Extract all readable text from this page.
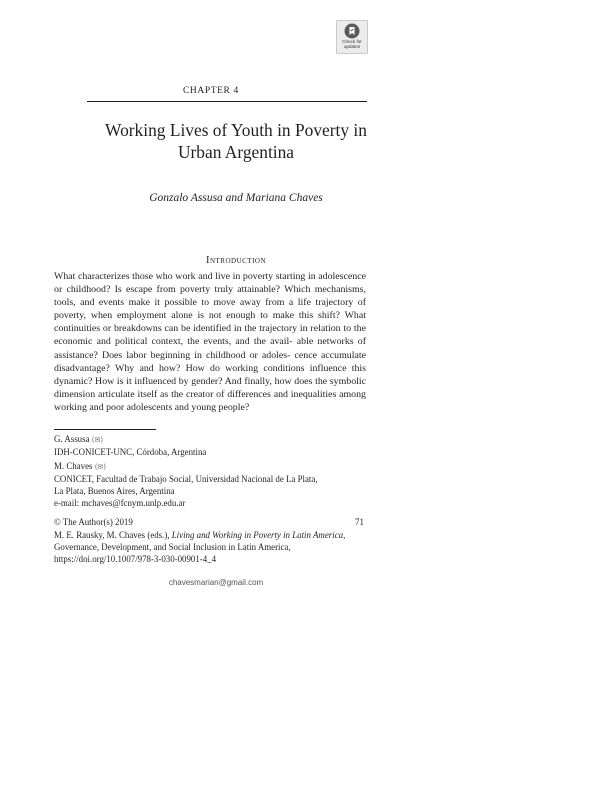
Check for
updates
CHAPTER 4
Working Lives of Youth in Poverty in
Urban Argentina
Gonzalo Assusa and Mariana Chaves
Introduction

What characterizes those who work and live in poverty starting in adolescence or childhood? Is escape from poverty truly attainable? Which mechanisms, tools, and events make it possible to move away from a life trajectory of poverty, when employment alone is not enough to make this shift? What continuities or breakdowns can be identified in the trajectory in relation to the economic and political context, the events, and the avail- able networks of assistance? Does labor beginning in childhood or adoles- cence accumulate disadvantage? Why and how? How do working conditions influence this dynamic? How is it influenced by gender? And finally, how does the symbolic dimension articulate itself as the creator of differences and inequalities among working and poor adolescents and young people?

G. Assusa (✉)
IDH-CONICET-UNC, Córdoba, Argentina
M. Chaves (✉)
CONICET, Facultad de Trabajo Social, Universidad Nacional de La Plata,
La Plata, Buenos Aires, Argentina
e-mail: mchaves@fcnym.unlp.edu.ar
© The Author(s) 2019	71
M. E. Rausky, M. Chaves (eds.), Living and Working in Poverty in Latin America, Governance, Development, and Social Inclusion in Latin America, https://doi.org/10.1007/978-3-030-00901-4_4
chavesmarian@gmail.com
